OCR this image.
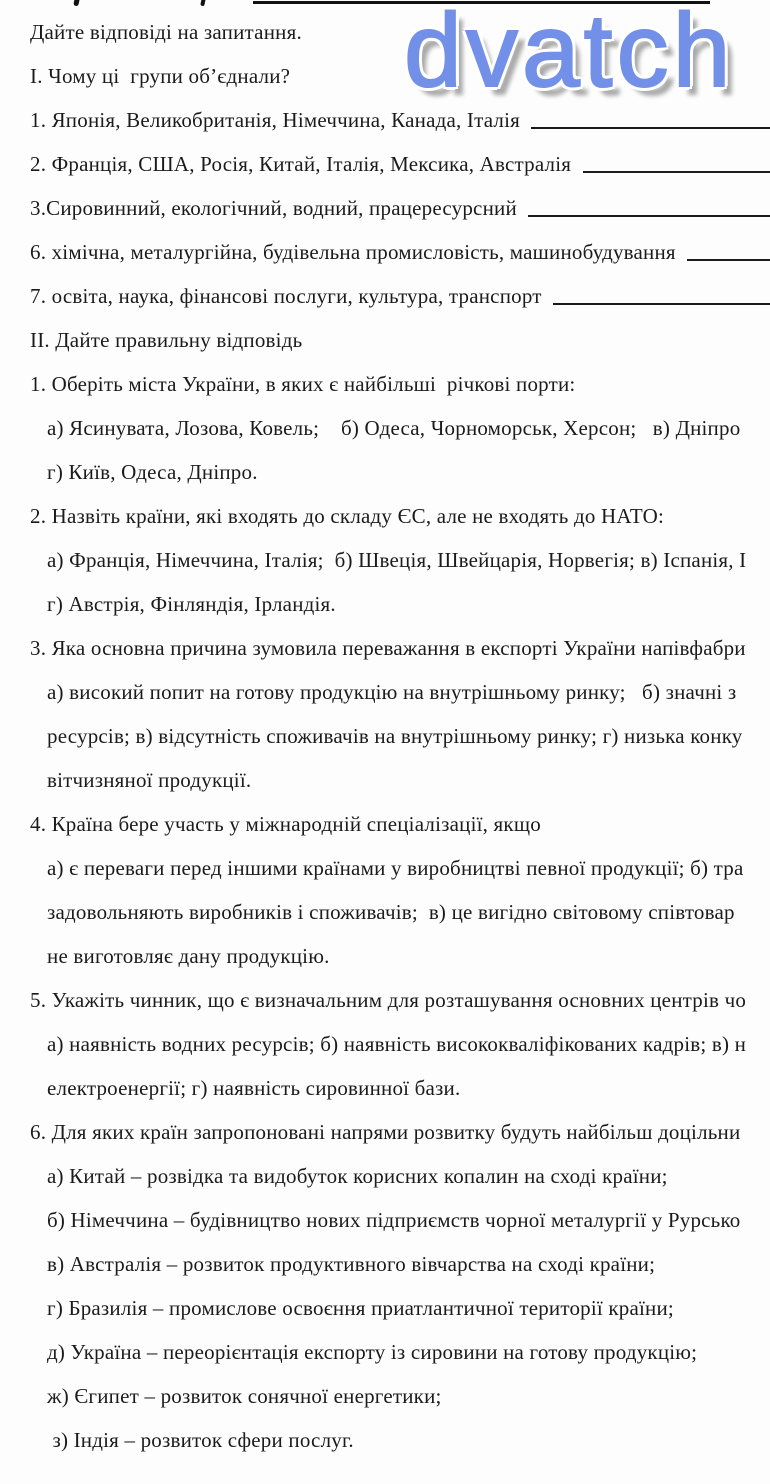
dvatch
Дайте відповіді на запитання.
І. Чому ці  групи об’єднали?
1. Японія, Великобританія, Німеччина, Канада, Італія
2. Франція, США, Росія, Китай, Італія, Мексика, Австралія
3.Сировинний, екологічний, водний, працересурсний
6. хімічна, металургійна, будівельна промисловість, машинобудування
7. освіта, наука, фінансові послуги, культура, транспорт
ІІ. Дайте правильну відповідь
1. Оберіть міста України, в яких є найбільші  річкові порти:
а) Ясинувата, Лозова, Ковель;    б) Одеса, Чорноморськ, Херсон;   в) Дніпро
г) Київ, Одеса, Дніпро.
2. Назвіть країни, які входять до складу ЄС, але не входять до НАТО:
а) Франція, Німеччина, Італія;  б) Швеція, Швейцарія, Норвегія; в) Іспанія, І
г) Австрія, Фінляндія, Ірландія.
3. Яка основна причина зумовила переважання в експорті України напівфабри
а) високий попит на готову продукцію на внутрішньому ринку;   б) значні з
ресурсів; в) відсутність споживачів на внутрішньому ринку; г) низька конку
вітчизняної продукції.
4. Країна бере участь у міжнародній спеціалізації, якщо
а) є переваги перед іншими країнами у виробництві певної продукції; б) тра
задовольняють виробників і споживачів;  в) це вигідно світовому співтовар
не виготовляє дану продукцію.
5. Укажіть чинник, що є визначальним для розташування основних центрів чо
а) наявність водних ресурсів; б) наявність висококваліфікованих кадрів; в) н
електроенергії; г) наявність сировинної бази.
6. Для яких країн запропоновані напрями розвитку будуть найбільш доцільни
а) Китай – розвідка та видобуток корисних копалин на сході країни;
б) Німеччина – будівництво нових підприємств чорної металургії у Рурсько
в) Австралія – розвиток продуктивного вівчарства на сході країни;
г) Бразилія – промислове освоєння приатлантичної території країни;
д) Україна – переорієнтація експорту із сировини на готову продукцію;
ж) Єгипет – розвиток сонячної енергетики;
з) Індія – розвиток сфери послуг.
